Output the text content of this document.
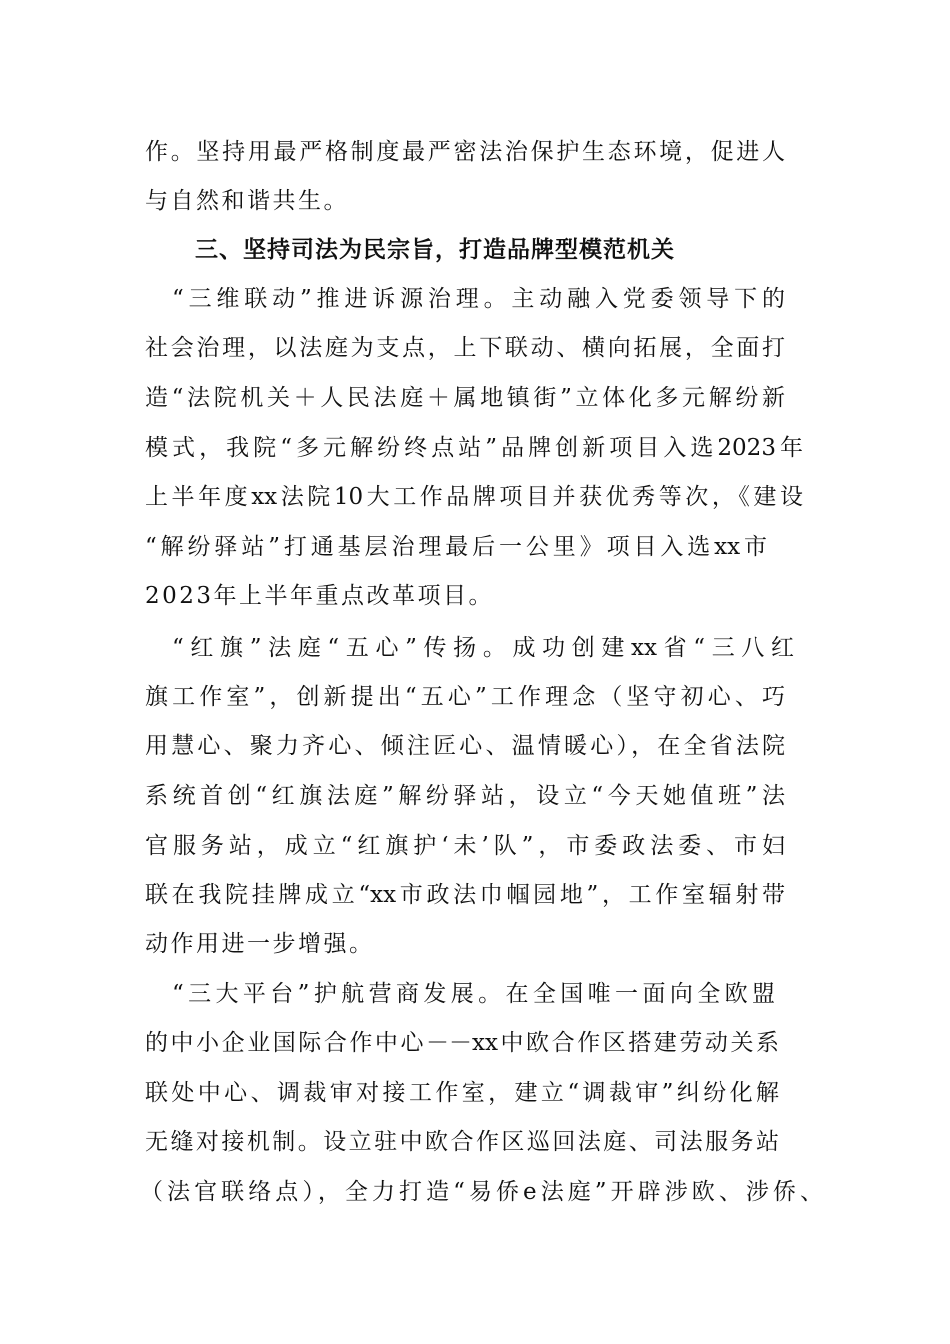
作。坚持用最严格制度最严密法治保护生态环境，促进人
与自然和谐共生。
三、坚持司法为民宗旨，打造品牌型模范机关
“三维联动”推进诉源治理。主动融入党委领导下的
社会治理，以法庭为支点，上下联动、横向拓展，全面打
造“法院机关＋人民法庭＋属地镇街”立体化多元解纷新
模式，我院“多元解纷终点站”品牌创新项目入选2023年
上半年度xx法院10大工作品牌项目并获优秀等次，《建设
“解纷驿站”打通基层治理最后一公里》项目入选xx市
2023年上半年重点改革项目。
“红旗”法庭“五心”传扬。成功创建xx省“三八红
旗工作室”，创新提出“五心”工作理念（坚守初心、巧
用慧心、聚力齐心、倾注匠心、温情暖心），在全省法院
系统首创“红旗法庭”解纷驿站，设立“今天她值班”法
官服务站，成立“红旗护‘未’队”，市委政法委、市妇
联在我院挂牌成立“xx市政法巾帼园地”，工作室辐射带
动作用进一步增强。
“三大平台”护航营商发展。在全国唯一面向全欧盟
的中小企业国际合作中心－－xx中欧合作区搭建劳动关系
联处中心、调裁审对接工作室，建立“调裁审”纠纷化解
无缝对接机制。设立驻中欧合作区巡回法庭、司法服务站
（法官联络点），全力打造“易侨e法庭”开辟涉欧、涉侨、
